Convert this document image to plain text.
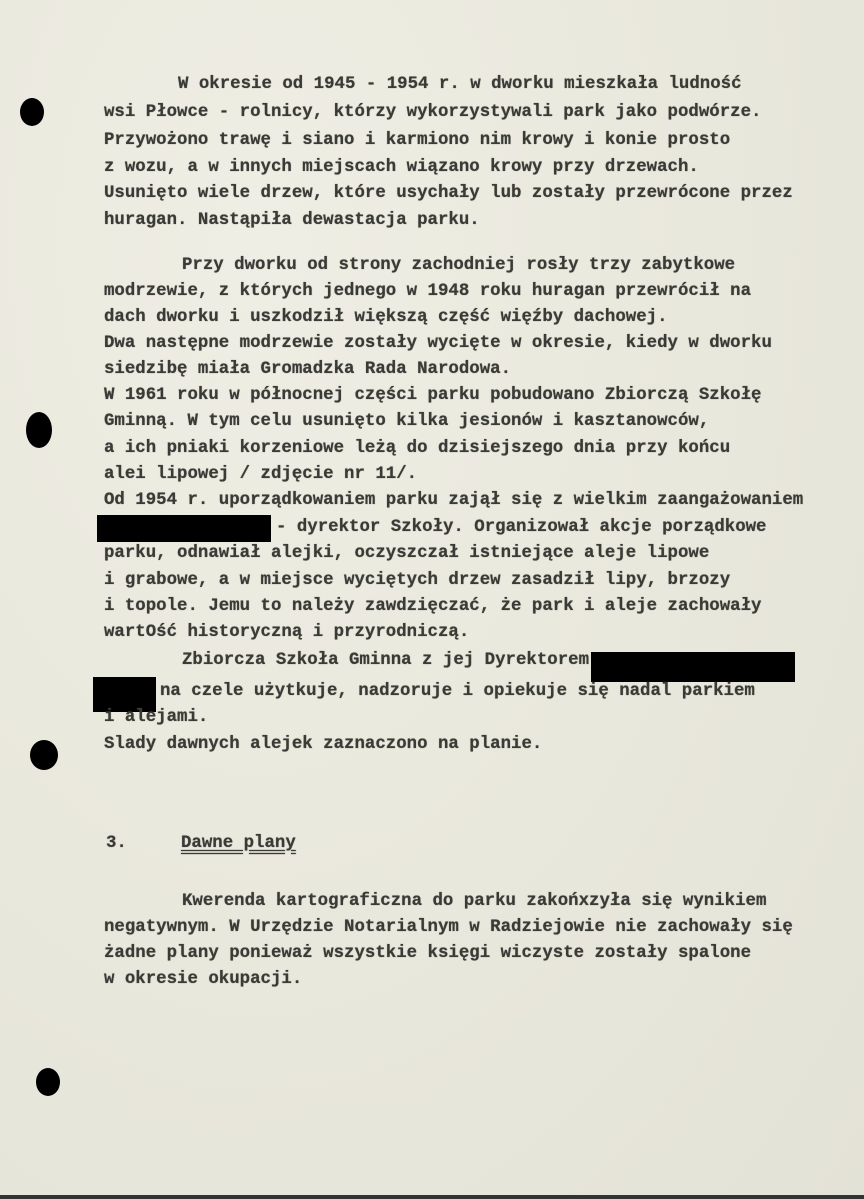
W okresie od 1945 - 1954 r. w dworku mieszkała ludność
wsi Płowce - rolnicy, którzy wykorzystywali park jako podwórze.
Przywożono trawę i siano i karmiono nim krowy i konie prosto
z wozu, a w innych miejscach wiązano krowy przy drzewach.
Usunięto wiele drzew, które usychały lub zostały przewrócone przez
huragan. Nastąpiła dewastacja parku.
Przy dworku od strony zachodniej rosły trzy zabytkowe
modrzewie, z których jednego w 1948 roku huragan przewrócił na
dach dworku i uszkodził większą część więźby dachowej.
Dwa następne modrzewie zostały wycięte w okresie, kiedy w dworku
siedzibę miała Gromadzka Rada Narodowa.
W 1961 roku w północnej części parku pobudowano Zbiorczą Szkołę
Gminną. W tym celu usunięto kilka jesionów i kasztanowców,
a ich pniaki korzeniowe leżą do dzisiejszego dnia przy końcu
alei lipowej / zdjęcie nr 11/.
Od 1954 r. uporządkowaniem parku zajął się z wielkim zaangażowaniem
- dyrektor Szkoły. Organizował akcje porządkowe
parku, odnawiał alejki, oczyszczał istniejące aleje lipowe
i grabowe, a w miejsce wyciętych drzew zasadził lipy, brzozy
i topole. Jemu to należy zawdzięczać, że park i aleje zachowały
wartOść historyczną i przyrodniczą.
Zbiorcza Szkoła Gminna z jej Dyrektorem
na czele użytkuje, nadzoruje i opiekuje się nadal parkiem
i alejami.
Slady dawnych alejek zaznaczono na planie.
3.	Dawne plany
Kwerenda kartograficzna do parku zakońxzyła się wynikiem
negatywnym. W Urzędzie Notarialnym w Radziejowie nie zachowały się
żadne plany ponieważ wszystkie księgi wiczyste zostały spalone
w okresie okupacji.
